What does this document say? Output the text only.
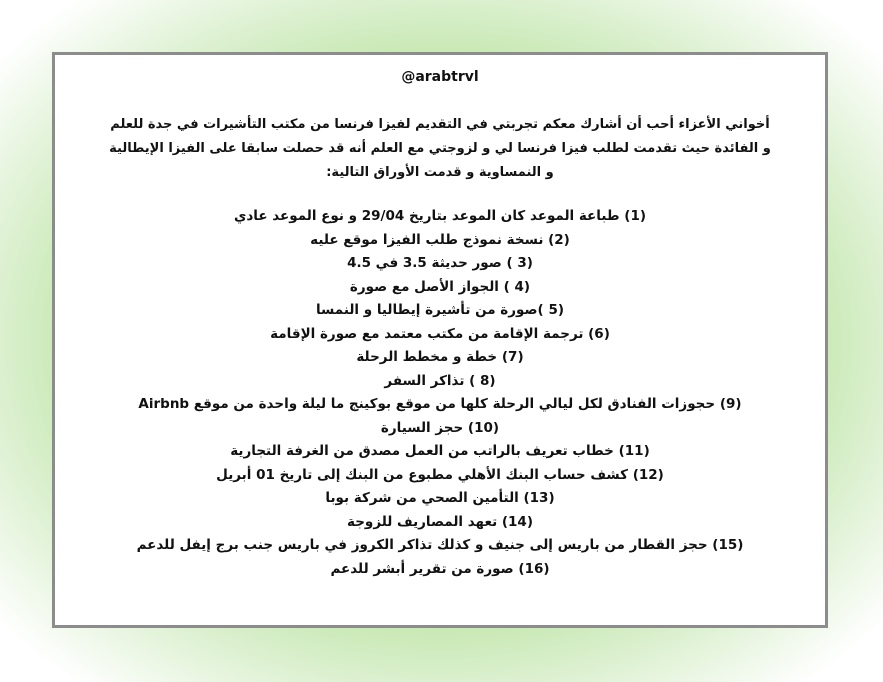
@arabtrvl
أخواني الأعزاء أحب أن أشارك معكم تجربتي في التقديم لفيزا فرنسا من مكتب التأشيرات في جدة للعلم و الفائدة حيث تقدمت لطلب فيزا فرنسا لي و لزوجتي مع العلم أنه قد حصلت سابقا على الفيزا الإيطالية و النمساوية و قدمت الأوراق التالية:
(1) طباعة الموعد كان الموعد بتاريخ 29/04 و نوع الموعد عادي
(2) نسخة نموذج طلب الفيزا موقع عليه
(3 ) صور حديثة 3.5 في 4.5
(4 ) الجواز الأصل مع صورة
(5 )صورة من تأشيرة إيطاليا و النمسا
(6) ترجمة الإقامة من مكتب معتمد مع صورة الإقامة
(7) خطة و مخطط الرحلة
(8 ) تذاكر السفر
(9) حجوزات الفنادق لكل ليالي الرحلة كلها من موقع بوكينج ما ليلة واحدة من موقع Airbnb
(10) حجز السيارة
(11) خطاب تعريف بالراتب من العمل مصدق من الغرفة التجارية
(12) كشف حساب البنك الأهلي مطبوع من البنك إلى تاريخ 01 أبريل
(13) التأمين الصحي من شركة بوبا
(14) تعهد المصاريف للزوجة
(15) حجز القطار من باريس إلى جنيف و كذلك تذاكر الكروز في باريس جنب برج إيفل للدعم
(16) صورة من تقرير أبشر للدعم
